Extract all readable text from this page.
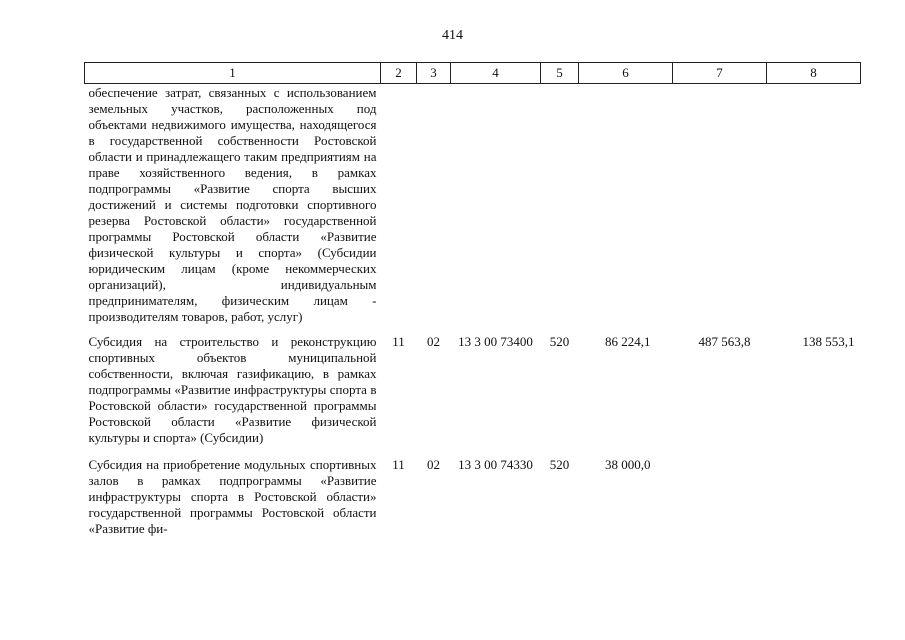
414
1	2	3	4	5	6	7	8
обеспечение затрат, связанных с использованием земельных участков, расположенных под объектами недвижимого имущества, находящегося в государственной собственности Ростовской области и принадлежащего таким предприятиям на праве хозяйственного ведения, в рамках подпрограммы «Развитие спорта высших достижений и системы подготовки спортивного резерва Ростовской области» государственной программы Ростовской области «Развитие физической культуры и спорта» (Субсидии юридическим лицам (кроме некоммерческих организаций), индивидуальным предпринимателям, физическим лицам - производителям товаров, работ, услуг)							
Субсидия на строительство и реконструкцию спортивных объектов муниципальной собственности, включая газификацию, в рамках подпрограммы «Развитие инфраструктуры спорта в Ростовской области» государственной программы Ростовской области «Развитие физической культуры и спорта» (Субсидии)	11	02	13 3 00 73400	520	86 224,1	487 563,8	138 553,1
Субсидия на приобретение модульных спортивных залов в рамках подпрограммы «Развитие инфраструктуры спорта в Ростовской области» государственной программы Ростовской области «Развитие фи-	11	02	13 3 00 74330	520	38 000,0		
